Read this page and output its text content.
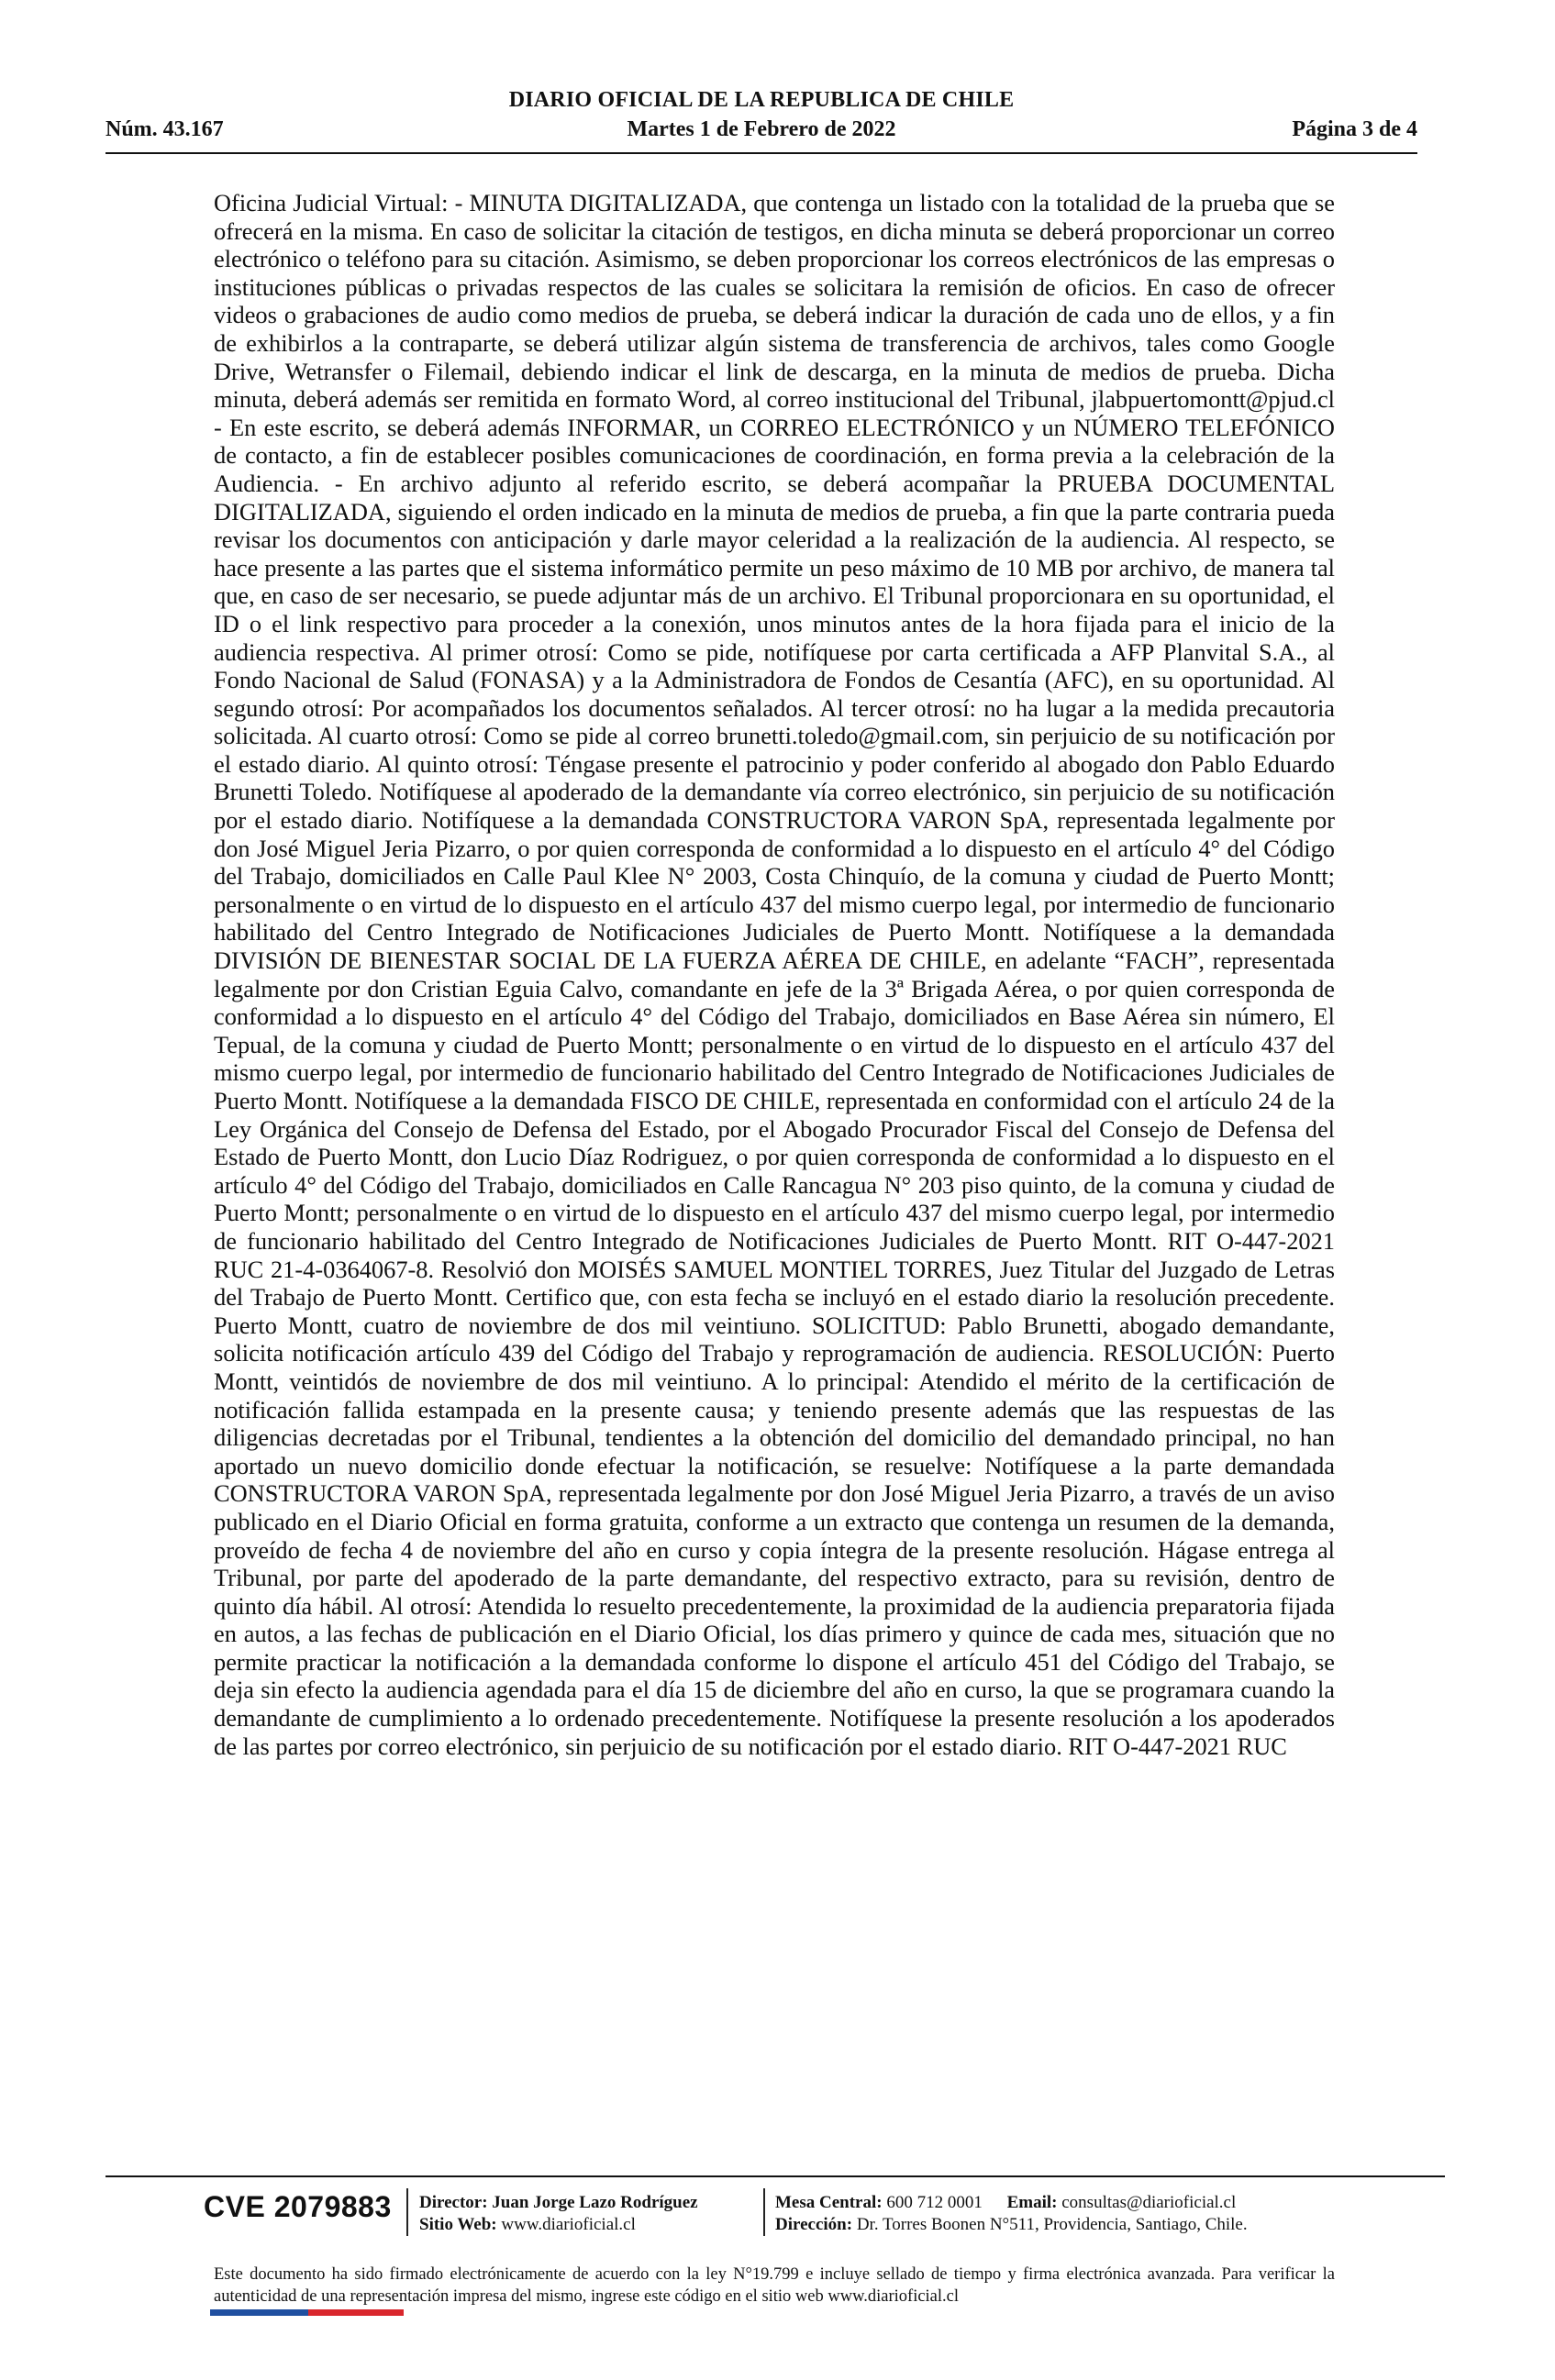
DIARIO OFICIAL DE LA REPUBLICA DE CHILE
Núm. 43.167	Martes 1 de Febrero de 2022	Página 3 de 4

Oficina Judicial Virtual: - MINUTA DIGITALIZADA, que contenga un listado con la totalidad de la prueba que se ofrecerá en la misma. En caso de solicitar la citación de testigos, en dicha minuta se deberá proporcionar un correo electrónico o teléfono para su citación. Asimismo, se deben proporcionar los correos electrónicos de las empresas o instituciones públicas o privadas respectos de las cuales se solicitara la remisión de oficios. En caso de ofrecer videos o grabaciones de audio como medios de prueba, se deberá indicar la duración de cada uno de ellos, y a fin de exhibirlos a la contraparte, se deberá utilizar algún sistema de transferencia de archivos, tales como Google Drive, Wetransfer o Filemail, debiendo indicar el link de descarga, en la minuta de medios de prueba. Dicha minuta, deberá además ser remitida en formato Word, al correo institucional del Tribunal, jlabpuertomontt@pjud.cl - En este escrito, se deberá además INFORMAR, un CORREO ELECTRÓNICO y un NÚMERO TELEFÓNICO de contacto, a fin de establecer posibles comunicaciones de coordinación, en forma previa a la celebración de la Audiencia. - En archivo adjunto al referido escrito, se deberá acompañar la PRUEBA DOCUMENTAL DIGITALIZADA, siguiendo el orden indicado en la minuta de medios de prueba, a fin que la parte contraria pueda revisar los documentos con anticipación y darle mayor celeridad a la realización de la audiencia. Al respecto, se hace presente a las partes que el sistema informático permite un peso máximo de 10 MB por archivo, de manera tal que, en caso de ser necesario, se puede adjuntar más de un archivo. El Tribunal proporcionara en su oportunidad, el ID o el link respectivo para proceder a la conexión, unos minutos antes de la hora fijada para el inicio de la audiencia respectiva. Al primer otrosí: Como se pide, notifíquese por carta certificada a AFP Planvital S.A., al Fondo Nacional de Salud (FONASA) y a la Administradora de Fondos de Cesantía (AFC), en su oportunidad. Al segundo otrosí: Por acompañados los documentos señalados. Al tercer otrosí: no ha lugar a la medida precautoria solicitada. Al cuarto otrosí: Como se pide al correo brunetti.toledo@gmail.com, sin perjuicio de su notificación por el estado diario. Al quinto otrosí: Téngase presente el patrocinio y poder conferido al abogado don Pablo Eduardo Brunetti Toledo. Notifíquese al apoderado de la demandante vía correo electrónico, sin perjuicio de su notificación por el estado diario. Notifíquese a la demandada CONSTRUCTORA VARON SpA, representada legalmente por don José Miguel Jeria Pizarro, o por quien corresponda de conformidad a lo dispuesto en el artículo 4° del Código del Trabajo, domiciliados en Calle Paul Klee N° 2003, Costa Chinquío, de la comuna y ciudad de Puerto Montt; personalmente o en virtud de lo dispuesto en el artículo 437 del mismo cuerpo legal, por intermedio de funcionario habilitado del Centro Integrado de Notificaciones Judiciales de Puerto Montt. Notifíquese a la demandada DIVISIÓN DE BIENESTAR SOCIAL DE LA FUERZA AÉREA DE CHILE, en adelante “FACH”, representada legalmente por don Cristian Eguia Calvo, comandante en jefe de la 3ª Brigada Aérea, o por quien corresponda de conformidad a lo dispuesto en el artículo 4° del Código del Trabajo, domiciliados en Base Aérea sin número, El Tepual, de la comuna y ciudad de Puerto Montt; personalmente o en virtud de lo dispuesto en el artículo 437 del mismo cuerpo legal, por intermedio de funcionario habilitado del Centro Integrado de Notificaciones Judiciales de Puerto Montt. Notifíquese a la demandada FISCO DE CHILE, representada en conformidad con el artículo 24 de la Ley Orgánica del Consejo de Defensa del Estado, por el Abogado Procurador Fiscal del Consejo de Defensa del Estado de Puerto Montt, don Lucio Díaz Rodriguez, o por quien corresponda de conformidad a lo dispuesto en el artículo 4° del Código del Trabajo, domiciliados en Calle Rancagua N° 203 piso quinto, de la comuna y ciudad de Puerto Montt; personalmente o en virtud de lo dispuesto en el artículo 437 del mismo cuerpo legal, por intermedio de funcionario habilitado del Centro Integrado de Notificaciones Judiciales de Puerto Montt. RIT O-447-2021 RUC 21-4-0364067-8. Resolvió don MOISÉS SAMUEL MONTIEL TORRES, Juez Titular del Juzgado de Letras del Trabajo de Puerto Montt. Certifico que, con esta fecha se incluyó en el estado diario la resolución precedente. Puerto Montt, cuatro de noviembre de dos mil veintiuno. SOLICITUD: Pablo Brunetti, abogado demandante, solicita notificación artículo 439 del Código del Trabajo y reprogramación de audiencia. RESOLUCIÓN: Puerto Montt, veintidós de noviembre de dos mil veintiuno. A lo principal: Atendido el mérito de la certificación de notificación fallida estampada en la presente causa; y teniendo presente además que las respuestas de las diligencias decretadas por el Tribunal, tendientes a la obtención del domicilio del demandado principal, no han aportado un nuevo domicilio donde efectuar la notificación, se resuelve: Notifíquese a la parte demandada CONSTRUCTORA VARON SpA, representada legalmente por don José Miguel Jeria Pizarro, a través de un aviso publicado en el Diario Oficial en forma gratuita, conforme a un extracto que contenga un resumen de la demanda, proveído de fecha 4 de noviembre del año en curso y copia íntegra de la presente resolución. Hágase entrega al Tribunal, por parte del apoderado de la parte demandante, del respectivo extracto, para su revisión, dentro de quinto día hábil. Al otrosí: Atendida lo resuelto precedentemente, la proximidad de la audiencia preparatoria fijada en autos, a las fechas de publicación en el Diario Oficial, los días primero y quince de cada mes, situación que no permite practicar la notificación a la demandada conforme lo dispone el artículo 451 del Código del Trabajo, se deja sin efecto la audiencia agendada para el día 15 de diciembre del año en curso, la que se programara cuando la demandante de cumplimiento a lo ordenado precedentemente. Notifíquese la presente resolución a los apoderados de las partes por correo electrónico, sin perjuicio de su notificación por el estado diario. RIT O-447-2021 RUC

CVE 2079883 Director: Juan Jorge Lazo Rodríguez
Sitio Web: www.diarioficial.cl
Mesa Central: 600 712 0001 Email: consultas@diarioficial.cl
Dirección: Dr. Torres Boonen N°511, Providencia, Santiago, Chile.

Este documento ha sido firmado electrónicamente de acuerdo con la ley N°19.799 e incluye sellado de tiempo y firma electrónica avanzada. Para verificar la autenticidad de una representación impresa del mismo, ingrese este código en el sitio web www.diarioficial.cl
